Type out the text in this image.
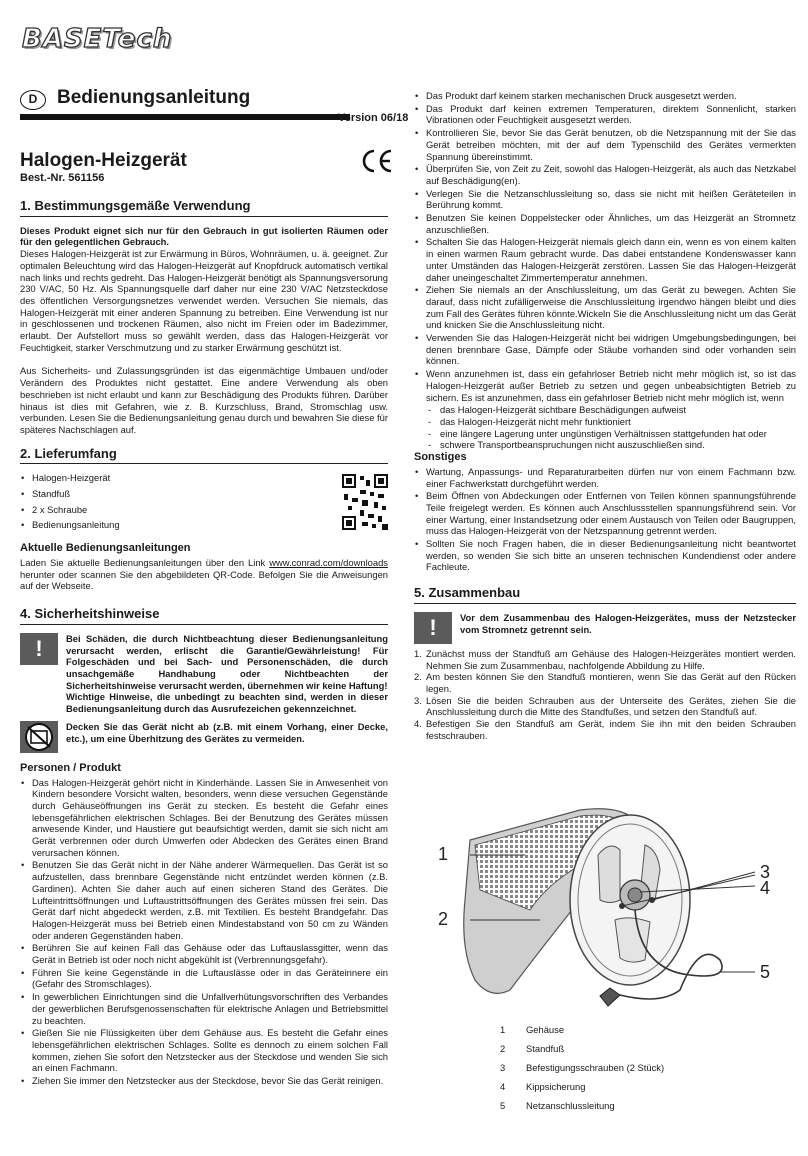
BASETech
D	Bedienungsanleitung
Version 06/18
Halogen-Heizgerät
Best.-Nr. 561156
1. Bestimmungsgemäße Verwendung

Dieses Produkt eignet sich nur für den Gebrauch in gut isolierten Räumen oder für den gelegentlichen Gebrauch.

Dieses Halogen-Heizgerät ist zur Erwärmung in Büros, Wohnräumen, u. ä. geeignet. Zur optimalen Beleuchtung wird das Halogen-Heizgerät auf Knopfdruck automatisch vertikal nach links und rechts gedreht. Das Halogen-Heizgerät benötigt als Spannungsversorung 230 V/AC, 50 Hz. Als Spannungsquelle darf daher nur eine 230 V/AC Netzsteckdose des öffentlichen Versorgungsnetzes verwendet werden. Versuchen Sie niemals, das Halogen-Heizgerät mit einer anderen Spannung zu betreiben. Eine Verwendung ist nur in geschlossenen und trockenen Räumen, also nicht im Freien oder im Badezimmer, erlaubt. Der Aufstellort muss so gewählt werden, dass das Halogen-Heizgerät vor Feuchtigkeit, starker Verschmutzung und zu starker Erwärmung geschützt ist.

Aus Sicherheits- und Zulassungsgründen ist das eigenmächtige Umbauen und/oder Verändern des Produktes nicht gestattet. Eine andere Verwendung als oben beschrieben ist nicht erlaubt und kann zur Beschädigung des Produkts führen. Darüber hinaus ist dies mit Gefahren, wie z. B. Kurzschluss, Brand, Stromschlag usw. verbunden. Lesen Sie die Bedienungsanleitung genau durch und bewahren Sie diese für späteres Nachschlagen auf.

2. Lieferumfang
• Halogen-Heizgerät
• Standfuß
• 2 x Schraube
• Bedienungsanleitung
Aktuelle Bedienungsanleitungen

Laden Sie aktuelle Bedienungsanleitungen über den Link www.conrad.com/downloads herunter oder scannen Sie den abgebildeten QR-Code. Befolgen Sie die Anweisungen auf der Webseite.

4. Sicherheitshinweise
!	Bei Schäden, die durch Nichtbeachtung dieser Bedienungsanleitung verursacht werden, erlischt die Garantie/Gewährleistung! Für Folgeschäden und bei Sach- und Personenschäden, die durch unsachgemäße Handhabung oder Nichtbeachten der Sicherheitshinweise verursacht werden, übernehmen wir keine Haftung!
Wichtige Hinweise, die unbedingt zu beachten sind, werden in dieser Bedienungsanleitung durch das Ausrufezeichen gekennzeichnet.
Decken Sie das Gerät nicht ab (z.B. mit einem Vorhang, einer Decke, etc.), um eine Überhitzung des Gerätes zu vermeiden.
Personen / Produkt
• Das Halogen-Heizgerät gehört nicht in Kinderhände. Lassen Sie in Anwesenheit von Kindern besondere Vorsicht walten, besonders, wenn diese versuchen Gegenstände durch Gehäuseöffnungen ins Gerät zu stecken. Es besteht die Gefahr eines lebensgefährlichen elektrischen Schlages. Bei der Benutzung des Gerätes müssen anwesende Kinder, und Haustiere gut beaufsichtigt werden, damit sie sich nicht am Gerät verbrennen oder durch Umwerfen oder Abdecken des Gerätes einen Brand verursachen können.
• Benutzen Sie das Gerät nicht in der Nähe anderer Wärmequellen. Das Gerät ist so aufzustellen, dass brennbare Gegenstände nicht entzündet werden können (z.B. Gardinen). Achten Sie daher auch auf einen sicheren Stand des Gerätes. Die Lufteintrittsöffnungen und Luftaustrittsöffnungen des Gerätes müssen frei sein. Das Gerät darf nicht abgedeckt werden, z.B. mit Textilien. Es besteht Brandgefahr. Das Halogen-Heizgerät muss bei Betrieb einen Mindestabstand von 50 cm zu Wänden oder anderen Gegenständen haben.
• Berühren Sie auf keinen Fall das Gehäuse oder das Luftauslassgitter, wenn das Gerät in Betrieb ist oder noch nicht abgekühlt ist (Verbrennungsgefahr).
• Führen Sie keine Gegenstände in die Luftauslässe oder in das Geräteinnere ein (Gefahr des Stromschlages).
• In gewerblichen Einrichtungen sind die Unfallverhütungsvorschriften des Verbandes der gewerblichen Berufsgenossenschaften für elektrische Anlagen und Betriebsmittel zu beachten.
• Gießen Sie nie Flüssigkeiten über dem Gehäuse aus. Es besteht die Gefahr eines lebensgefährlichen elektrischen Schlages. Sollte es dennoch zu einem solchen Fall kommen, ziehen Sie sofort den Netzstecker aus der Steckdose und wenden Sie sich an einen Fachmann.
• Ziehen Sie immer den Netzstecker aus der Steckdose, bevor Sie das Gerät reinigen.
• Das Produkt darf keinem starken mechanischen Druck ausgesetzt werden.
• Das Produkt darf keinen extremen Temperaturen, direktem Sonnenlicht, starken Vibrationen oder Feuchtigkeit ausgesetzt werden.
• Kontrollieren Sie, bevor Sie das Gerät benutzen, ob die Netzspannung mit der Sie das Gerät betreiben möchten, mit der auf dem Typenschild des Gerätes vermerkten Spannung übereinstimmt.
• Überprüfen Sie, von Zeit zu Zeit, sowohl das Halogen-Heizgerät, als auch das Netzkabel auf Beschädigung(en).
• Verlegen Sie die Netzanschlussleitung so, dass sie nicht mit heißen Geräteteilen in Berührung kommt.
• Benutzen Sie keinen Doppelstecker oder Ähnliches, um das Heizgerät an Stromnetz anzuschließen.
• Schalten Sie das Halogen-Heizgerät niemals gleich dann ein, wenn es von einem kalten in einen warmen Raum gebracht wurde. Das dabei entstandene Kondenswasser kann unter Umständen das Halogen-Heizgerät zerstören. Lassen Sie das Halogen-Heizgerät daher uneingeschaltet Zimmertemperatur annehmen.
• Ziehen Sie niemals an der Anschlussleitung, um das Gerät zu bewegen. Achten Sie darauf, dass nicht zufälligerweise die Anschlussleitung irgendwo hängen bleibt und dies zum Fall des Gerätes führen könnte.Wickeln Sie die Anschlussleitung nicht um das Gerät und knicken Sie die Anschlussleitung nicht.
• Verwenden Sie das Halogen-Heizgerät nicht bei widrigen Umgebungsbedingungen, bei denen brennbare Gase, Dämpfe oder Stäube vorhanden sind oder vorhanden sein können.
• Wenn anzunehmen ist, dass ein gefahrloser Betrieb nicht mehr möglich ist, so ist das Halogen-Heizgerät außer Betrieb zu setzen und gegen unbeabsichtigten Betrieb zu sichern. Es ist anzunehmen, dass ein gefahrloser Betrieb nicht mehr möglich ist, wenn
- das Halogen-Heizgerät sichtbare Beschädigungen aufweist
- das Halogen-Heizgerät nicht mehr funktioniert
- eine längere Lagerung unter ungünstigen Verhältnissen stattgefunden hat oder
- schwere Transportbeanspruchungen nicht auszuschließen sind.
Sonstiges
• Wartung, Anpassungs- und Reparaturarbeiten dürfen nur von einem Fachmann bzw. einer Fachwerkstatt durchgeführt werden.
• Beim Öffnen von Abdeckungen oder Entfernen von Teilen können spannungsführende Teile freigelegt werden. Es können auch Anschlussstellen spannungsführend sein. Vor einer Wartung, einer Instandsetzung oder einem Austausch von Teilen oder Baugruppen, muss das Halogen-Heizgerät von der Netzspannung getrennt werden.
• Sollten Sie noch Fragen haben, die in dieser Bedienungsanleitung nicht beantwortet werden, so wenden Sie sich bitte an unseren technischen Kundendienst oder andere Fachleute.
5. Zusammenbau
!	Vor dem Zusammenbau des Halogen-Heizgerätes, muss der Netzstecker vom Stromnetz getrennt sein.
1. Zunächst muss der Standfuß am Gehäuse des Halogen-Heizgerätes montiert werden. Nehmen Sie zum Zusammenbau, nachfolgende Abbildung zu Hilfe.
2. Am besten können Sie den Standfuß montieren, wenn Sie das Gerät auf den Rücken legen.
3. Lösen Sie die beiden Schrauben aus der Unterseite des Gerätes, ziehen Sie die Anschlussleitung durch die Mitte des Standfußes, und setzen den Standfuß auf.
4. Befestigen Sie den Standfuß am Gerät, indem Sie ihn mit den beiden Schrauben festschrauben.
1
2
3
4
5
1	Gehäuse
2	Standfuß
3	Befestigungsschrauben (2 Stück)
4	Kippsicherung
5	Netzanschlussleitung
